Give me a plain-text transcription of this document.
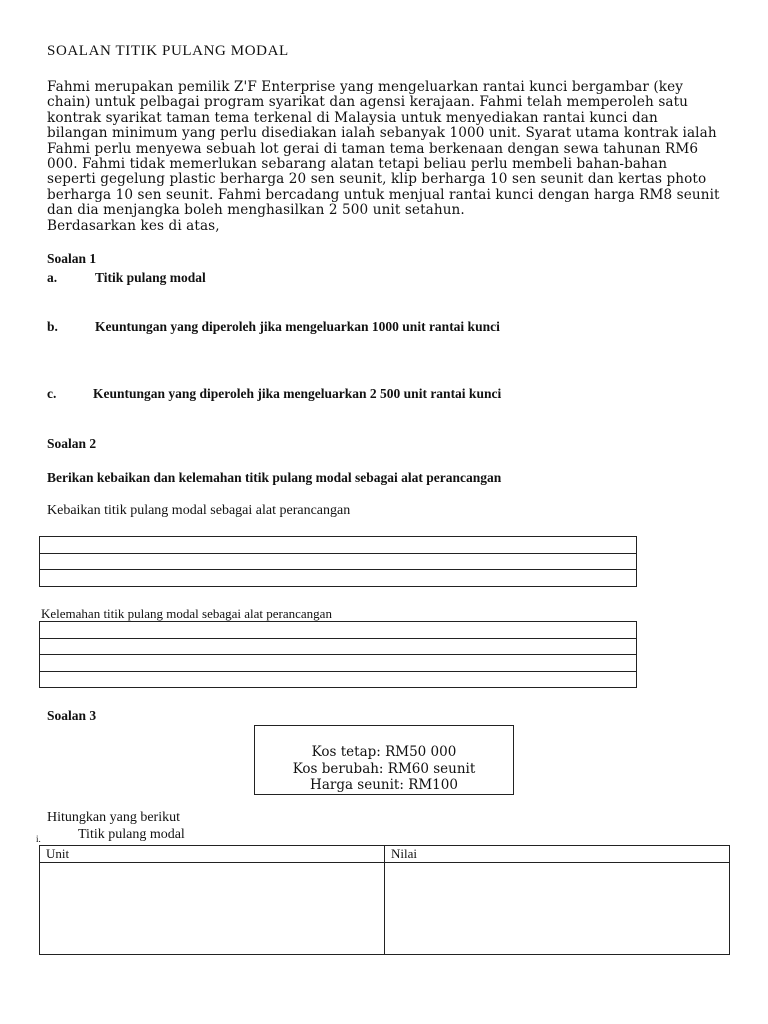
SOALAN TITIK PULANG MODAL
Fahmi merupakan pemilik Z'F Enterprise yang mengeluarkan rantai kunci bergambar (key
chain) untuk pelbagai program syarikat dan agensi kerajaan. Fahmi telah memperoleh satu
kontrak syarikat taman tema terkenal di Malaysia untuk menyediakan rantai kunci dan
bilangan minimum yang perlu disediakan ialah sebanyak 1000 unit. Syarat utama kontrak ialah
Fahmi perlu menyewa sebuah lot gerai di taman tema berkenaan dengan sewa tahunan RM6
000. Fahmi tidak memerlukan sebarang alatan tetapi beliau perlu membeli bahan-bahan
seperti gegelung plastic berharga 20 sen seunit, klip berharga 10 sen seunit dan kertas photo
berharga 10 sen seunit. Fahmi bercadang untuk menjual rantai kunci dengan harga RM8 seunit
dan dia menjangka boleh menghasilkan 2 500 unit setahun.
Berdasarkan kes di atas,
Soalan 1
a.	Titik pulang modal
b.	Keuntungan yang diperoleh jika mengeluarkan 1000 unit rantai kunci
c.	Keuntungan yang diperoleh jika mengeluarkan 2 500 unit rantai kunci
Soalan 2
Berikan kebaikan dan kelemahan titik pulang modal sebagai alat perancangan
Kebaikan titik pulang modal sebagai alat perancangan

Kelemahan titik pulang modal sebagai alat perancangan

Soalan 3
Kos tetap: RM50 000
Kos berubah: RM60 seunit
Harga seunit: RM100
Hitungkan yang berikut
i.	Titik pulang modal
Unit	Nilai
